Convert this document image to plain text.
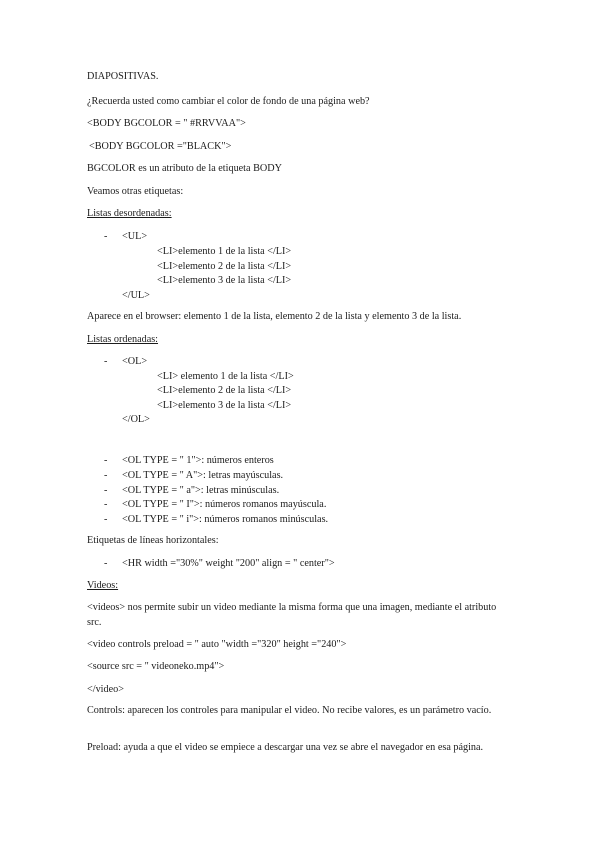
DIAPOSITIVAS.
¿Recuerda usted como cambiar el color de fondo de una página web?
<BODY BGCOLOR = " #RRVVAA">
<BODY BGCOLOR ="BLACK">
BGCOLOR es un atributo de la etiqueta BODY
Veamos otras etiquetas:
Listas desordenadas:
- <UL>
<LI>elemento 1 de la lista </LI>
<LI>elemento 2 de la lista </LI>
<LI>elemento 3 de la lista </LI>
</UL>
Aparece en el browser: elemento 1 de la lista, elemento 2 de la lista y elemento 3 de la lista.
Listas ordenadas:
- <OL>
<LI> elemento 1 de la lista </LI>
<LI>elemento 2 de la lista </LI>
<LI>elemento 3 de la lista </LI>
</OL>
- <OL TYPE = " 1">: números enteros
- <OL TYPE = " A">: letras mayúsculas.
- <OL TYPE = " a">: letras minúsculas.
- <OL TYPE = " I">: números romanos mayúscula.
- <OL TYPE = " i">: números romanos minúsculas.
Etiquetas de líneas horizontales:
- <HR width ="30%" weight "200" align = " center">
Videos:
<videos> nos permite subir un video mediante la misma forma que una imagen, mediante el atributo src.
<video controls preload = " auto "width ="320" height ="240">
<source src = " videoneko.mp4">
</video>
Controls: aparecen los controles para manipular el video. No recibe valores, es un parámetro vacío.
Preload: ayuda a que el video se empiece a descargar una vez se abre el navegador en esa página.
